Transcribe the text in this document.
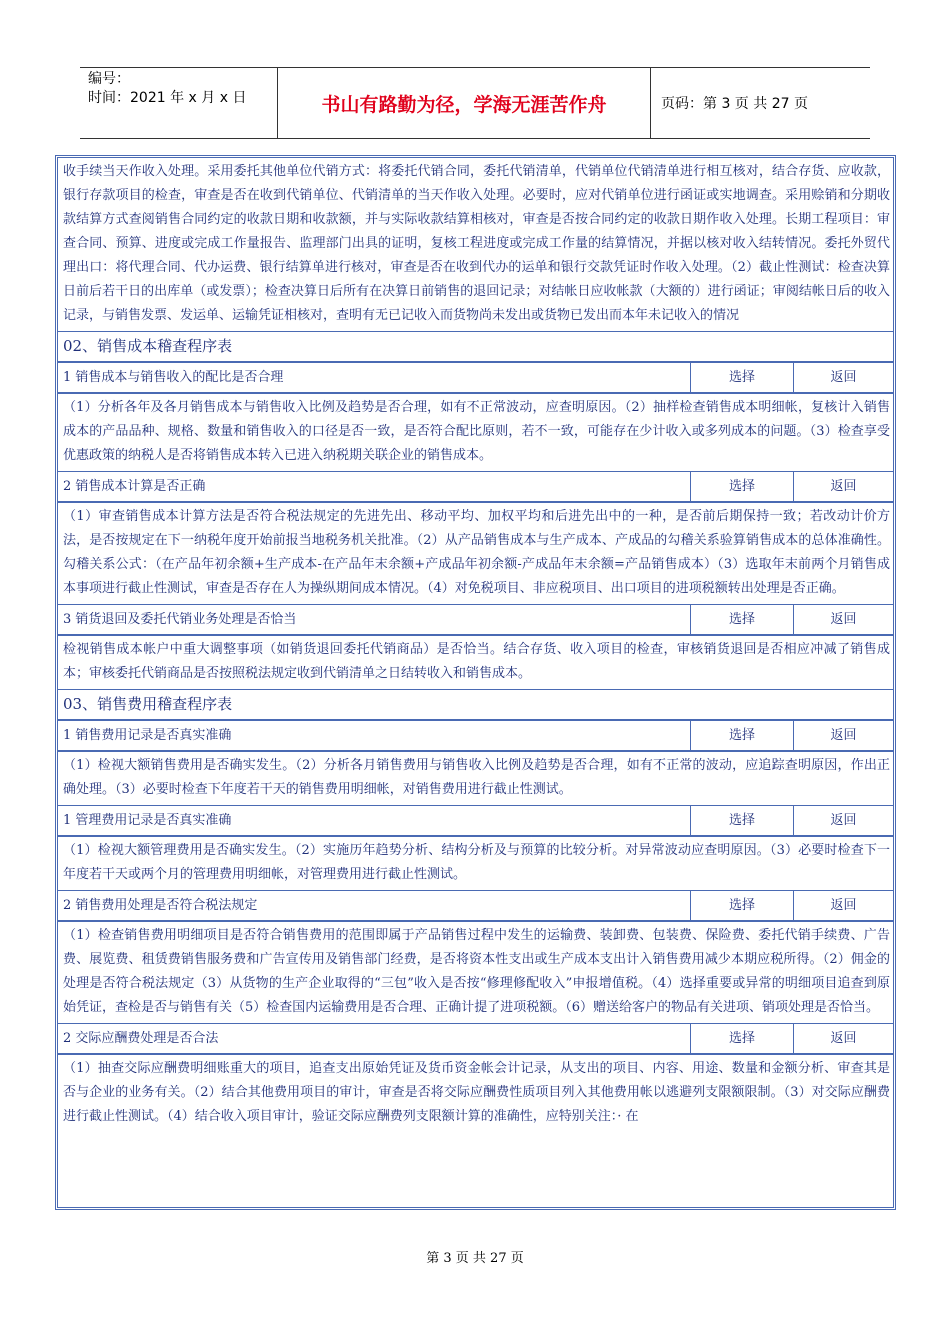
编号：
时间：2021 年 x 月 x 日	书山有路勤为径，学海无涯苦作舟	页码：第 3 页 共 27 页
收手续当天作收入处理。采用委托其他单位代销方式：将委托代销合同，委托代销清单，代销单位代销清单进行相互核对，结合存货、应收款，银行存款项目的检查，审查是否在收到代销单位、代销清单的当天作收入处理。必要时，应对代销单位进行函证或实地调查。采用赊销和分期收款结算方式查阅销售合同约定的收款日期和收款额，并与实际收款结算相核对，审查是否按合同约定的收款日期作收入处理。长期工程项目：审查合同、预算、进度或完成工作量报告、监理部门出具的证明，复核工程进度或完成工作量的结算情况，并据以核对收入结转情况。委托外贸代理出口：将代理合同、代办运费、银行结算单进行核对，审查是否在收到代办的运单和银行交款凭证时作收入处理。（2）截止性测试：检查决算日前后若干日的出库单（或发票）；检查决算日后所有在决算日前销售的退回记录；对结帐日应收帐款（大额的）进行函证；审阅结帐日后的收入记录，与销售发票、发运单、运输凭证相核对，查明有无已记收入而货物尚未发出或货物已发出而本年未记收入的情况
02、销售成本稽查程序表
1 销售成本与销售收入的配比是否合理	选择	返回
（1）分析各年及各月销售成本与销售收入比例及趋势是否合理，如有不正常波动，应查明原因。（2）抽样检查销售成本明细帐，复核计入销售成本的产品品种、规格、数量和销售收入的口径是否一致，是否符合配比原则，若不一致，可能存在少计收入或多列成本的问题。（3）检查享受优惠政策的纳税人是否将销售成本转入已进入纳税期关联企业的销售成本。
2 销售成本计算是否正确	选择	返回
（1）审查销售成本计算方法是否符合税法规定的先进先出、移动平均、加权平均和后进先出中的一种，是否前后期保持一致；若改动计价方法，是否按规定在下一纳税年度开始前报当地税务机关批准。（2）从产品销售成本与生产成本、产成品的勾稽关系验算销售成本的总体准确性。勾稽关系公式：（在产品年初余额+生产成本-在产品年末余额+产成品年初余额-产成品年末余额=产品销售成本）（3）选取年末前两个月销售成本事项进行截止性测试，审查是否存在人为操纵期间成本情况。（4）对免税项目、非应税项目、出口项目的进项税额转出处理是否正确。
3 销货退回及委托代销业务处理是否恰当	选择	返回
检视销售成本帐户中重大调整事项（如销货退回委托代销商品）是否恰当。结合存货、收入项目的检查，审核销货退回是否相应冲减了销售成本；审核委托代销商品是否按照税法规定收到代销清单之日结转收入和销售成本。
03、销售费用稽查程序表
1 销售费用记录是否真实准确	选择	返回
（1）检视大额销售费用是否确实发生。（2）分析各月销售费用与销售收入比例及趋势是否合理，如有不正常的波动，应追踪查明原因，作出正确处理。（3）必要时检查下年度若干天的销售费用明细帐，对销售费用进行截止性测试。
1 管理费用记录是否真实准确	选择	返回
（1）检视大额管理费用是否确实发生。（2）实施历年趋势分析、结构分析及与预算的比较分析。对异常波动应查明原因。（3）必要时检查下一年度若干天或两个月的管理费用明细帐，对管理费用进行截止性测试。
2 销售费用处理是否符合税法规定	选择	返回
（1）检查销售费用明细项目是否符合销售费用的范围即属于产品销售过程中发生的运输费、装卸费、包装费、保险费、委托代销手续费、广告费、展览费、租赁费销售服务费和广告宣传用及销售部门经费，是否将资本性支出或生产成本支出计入销售费用减少本期应税所得。（2）佣金的处理是否符合税法规定（3）从货物的生产企业取得的“三包”收入是否按“修理修配收入”申报增值税。（4）选择重要或异常的明细项目追查到原始凭证，查检是否与销售有关（5）检查国内运输费用是否合理、正确计提了进项税额。（6）赠送给客户的物品有关进项、销项处理是否恰当。
2 交际应酬费处理是否合法	选择	返回
（1）抽查交际应酬费明细账重大的项目，追查支出原始凭证及货币资金帐会计记录，从支出的项目、内容、用途、数量和金额分析、审查其是否与企业的业务有关。（2）结合其他费用项目的审计，审查是否将交际应酬费性质项目列入其他费用帐以逃避列支限额限制。（3）对交际应酬费进行截止性测试。（4）结合收入项目审计，验证交际应酬费列支限额计算的准确性，应特别关注：· 在
第 3 页 共 27 页
